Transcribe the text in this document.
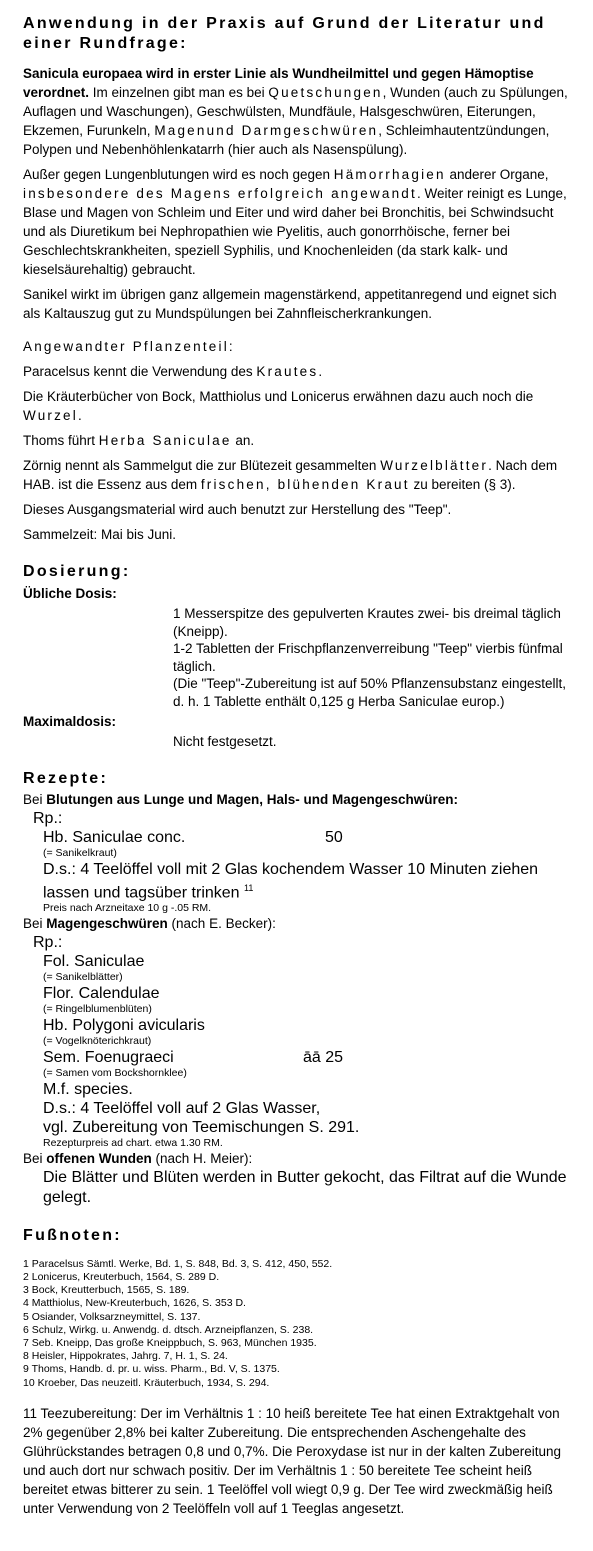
Anwendung in der Praxis auf Grund der Literatur und einer Rundfrage:

Sanicula europaea wird in erster Linie als Wundheilmittel und gegen Hämoptise verordnet. Im einzelnen gibt man es bei Quetschungen, Wunden (auch zu Spülungen, Auflagen und Waschungen), Geschwülsten, Mundfäule, Halsgeschwüren, Eiterungen, Ekzemen, Furunkeln, Magenund Darmgeschwüren, Schleimhautentzündungen, Polypen und Nebenhöhlenkatarrh (hier auch als Nasenspülung).

Außer gegen Lungenblutungen wird es noch gegen Hämorrhagien anderer Organe, insbesondere des Magens erfolgreich angewandt. Weiter reinigt es Lunge, Blase und Magen von Schleim und Eiter und wird daher bei Bronchitis, bei Schwindsucht und als Diuretikum bei Nephropathien wie Pyelitis, auch gonorrhöische, ferner bei Geschlechtskrankheiten, speziell Syphilis, und Knochenleiden (da stark kalk- und kieselsäurehaltig) gebraucht.

Sanikel wirkt im übrigen ganz allgemein magenstärkend, appetitanregend und eignet sich als Kaltauszug gut zu Mundspülungen bei Zahnfleischerkrankungen.

Angewandter Pflanzenteil:

Paracelsus kennt die Verwendung des Krautes.

Die Kräuterbücher von Bock, Matthiolus und Lonicerus erwähnen dazu auch noch die Wurzel.

Thoms führt Herba Saniculae an.

Zörnig nennt als Sammelgut die zur Blütezeit gesammelten Wurzelblätter. Nach dem HAB. ist die Essenz aus dem frischen, blühenden Kraut zu bereiten (§ 3).

Dieses Ausgangsmaterial wird auch benutzt zur Herstellung des "Teep".

Sammelzeit: Mai bis Juni.

Dosierung:
Übliche Dosis:
1 Messerspitze des gepulverten Krautes zwei- bis dreimal täglich (Kneipp).
1-2 Tabletten der Frischpflanzenverreibung "Teep" vierbis fünfmal täglich.
(Die "Teep"-Zubereitung ist auf 50% Pflanzensubstanz eingestellt, d. h. 1 Tablette enthält 0,125 g Herba Saniculae europ.)
Maximaldosis:
Nicht festgesetzt.
Rezepte:
Bei Blutungen aus Lunge und Magen, Hals- und Magengeschwüren:
Rp.:
Hb. Saniculae conc.	50
(= Sanikelkraut)
D.s.: 4 Teelöffel voll mit 2 Glas kochendem Wasser 10 Minuten ziehen lassen und tagsüber trinken $^{11}$
Preis nach Arzneitaxe 10 g -.05 RM.
Bei Magengeschwüren (nach E. Becker):
Rp.:
Fol. Saniculae
(= Sanikelblätter)
Flor. Calendulae
(= Ringelblumenblüten)
Hb. Polygoni avicularis
(= Vogelknöterichkraut)
Sem. Foenugraeci	āā 25
(= Samen vom Bockshornklee)
M.f. species.
D.s.: 4 Teelöffel voll auf 2 Glas Wasser,
vgl. Zubereitung von Teemischungen S. 291.
Rezepturpreis ad chart. etwa 1.30 RM.
Bei offenen Wunden (nach H. Meier):
Die Blätter und Blüten werden in Butter gekocht, das Filtrat auf die Wunde gelegt.
Fußnoten:
1 Paracelsus Sämtl. Werke, Bd. 1, S. 848, Bd. 3, S. 412, 450, 552.
2 Lonicerus, Kreuterbuch, 1564, S. 289 D.
3 Bock, Kreutterbuch, 1565, S. 189.
4 Matthiolus, New-Kreuterbuch, 1626, S. 353 D.
5 Osiander, Volksarzneymittel, S. 137.
6 Schulz, Wirkg. u. Anwendg. d. dtsch. Arzneipflanzen, S. 238.
7 Seb. Kneipp, Das große Kneippbuch, S. 963, München 1935.
8 Heisler, Hippokrates, Jahrg. 7, H. 1, S. 24.
9 Thoms, Handb. d. pr. u. wiss. Pharm., Bd. V, S. 1375.
10 Kroeber, Das neuzeitl. Kräuterbuch, 1934, S. 294.
11 Teezubereitung: Der im Verhältnis 1 : 10 heiß bereitete Tee hat einen Extraktgehalt von 2% gegenüber 2,8% bei kalter Zubereitung. Die entsprechenden Aschengehalte des Glührückstandes betragen 0,8 und 0,7%. Die Peroxydase ist nur in der kalten Zubereitung und auch dort nur schwach positiv. Der im Verhältnis 1 : 50 bereitete Tee scheint heiß bereitet etwas bitterer zu sein. 1 Teelöffel voll wiegt 0,9 g. Der Tee wird zweckmäßig heiß unter Verwendung von 2 Teelöffeln voll auf 1 Teeglas angesetzt.
